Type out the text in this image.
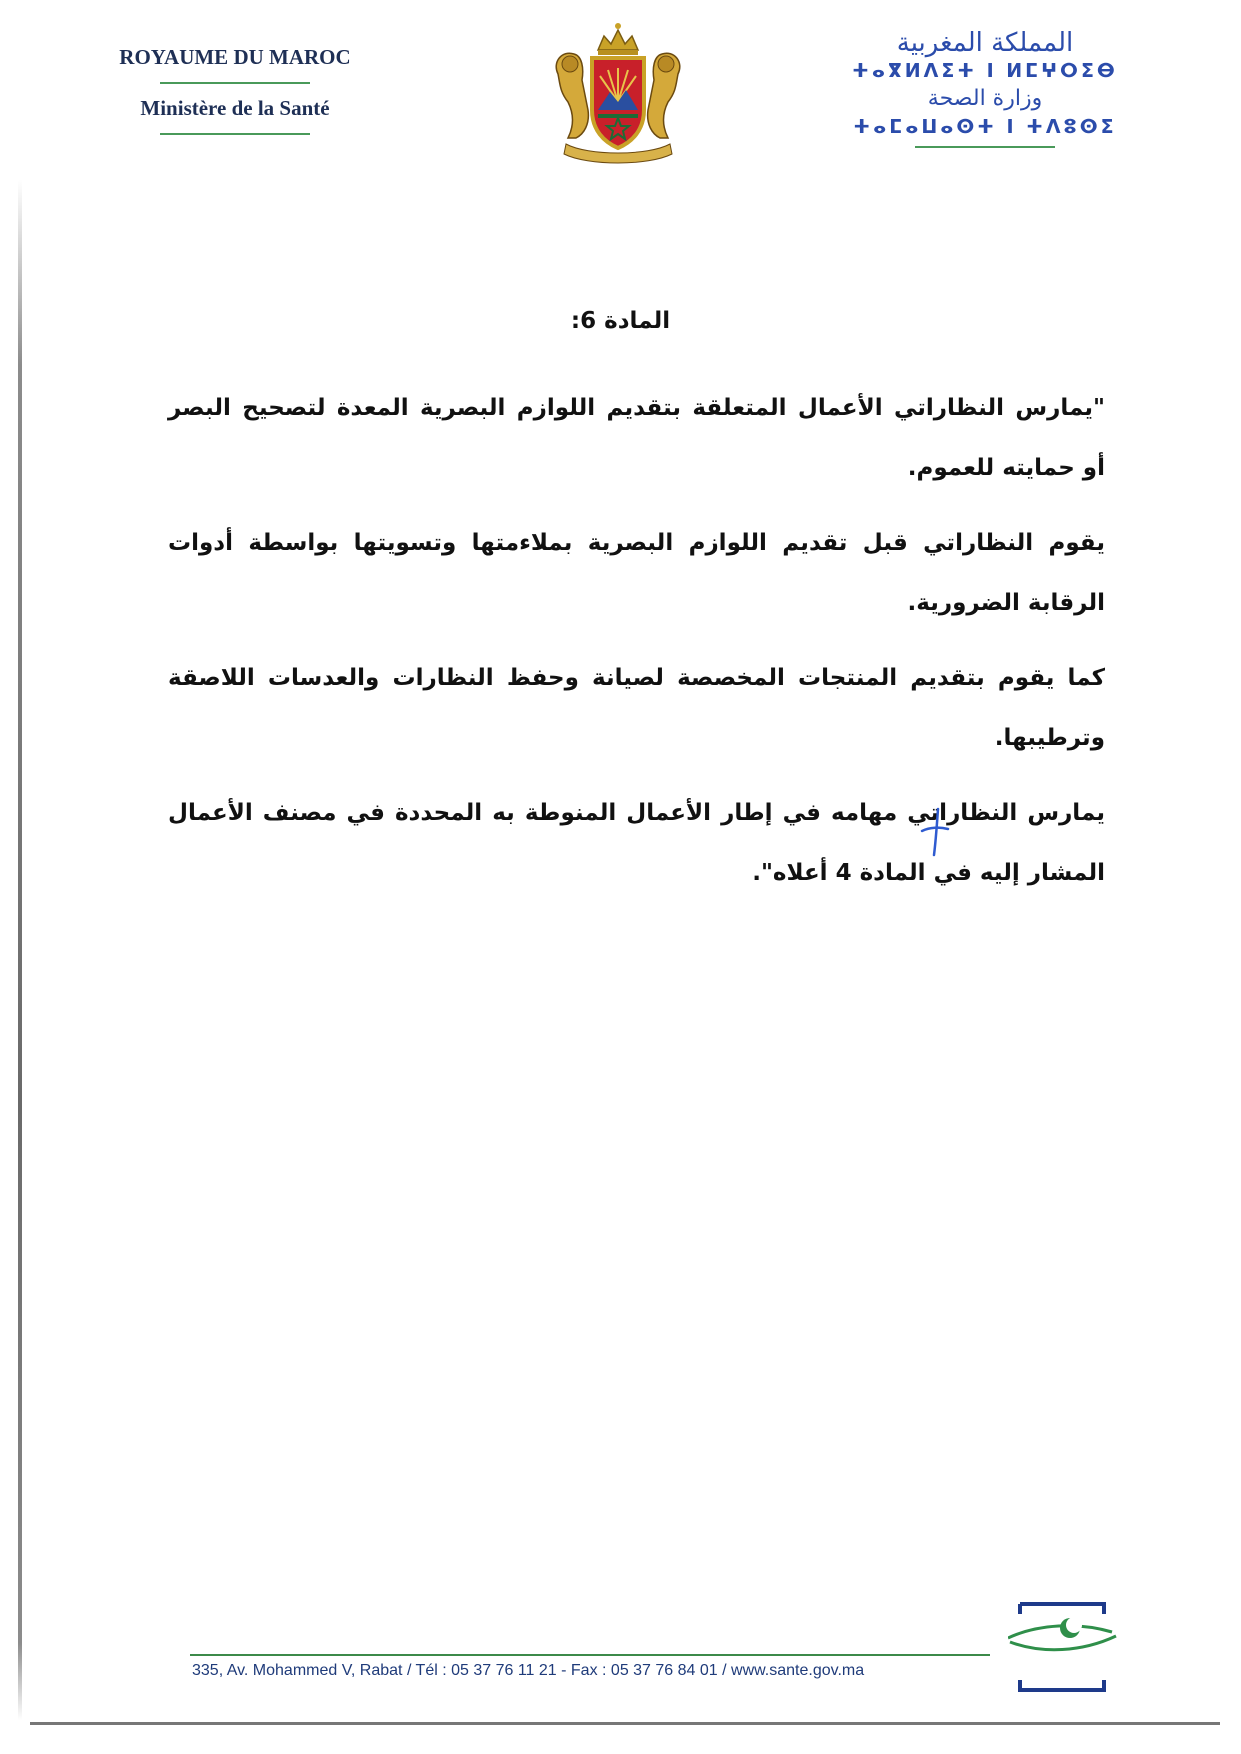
ROYAUME DU MAROC
Ministère de la Santé
المملكة المغربية
ⵜⴰⴳⵍⴷⵉⵜ ⵏ ⵍⵎⵖⵔⵉⴱ
وزارة الصحة
ⵜⴰⵎⴰⵡⴰⵙⵜ ⵏ ⵜⴷⵓⵙⵉ
المادة 6:

"يمارس النظاراتي الأعمال المتعلقة بتقديم اللوازم البصرية المعدة لتصحيح البصر أو حمايته للعموم.

يقوم النظاراتي قبل تقديم اللوازم البصرية بملاءمتها وتسويتها بواسطة أدوات الرقابة الضرورية.

كما يقوم بتقديم المنتجات المخصصة لصيانة وحفظ النظارات والعدسات اللاصقة وترطيبها.

يمارس النظاراتي مهامه في إطار الأعمال المنوطة به المحددة في مصنف الأعمال المشار إليه في المادة 4 أعلاه".

335, Av. Mohammed V, Rabat / Tél : 05 37 76 11 21 - Fax : 05 37 76 84 01 / www.sante.gov.ma
